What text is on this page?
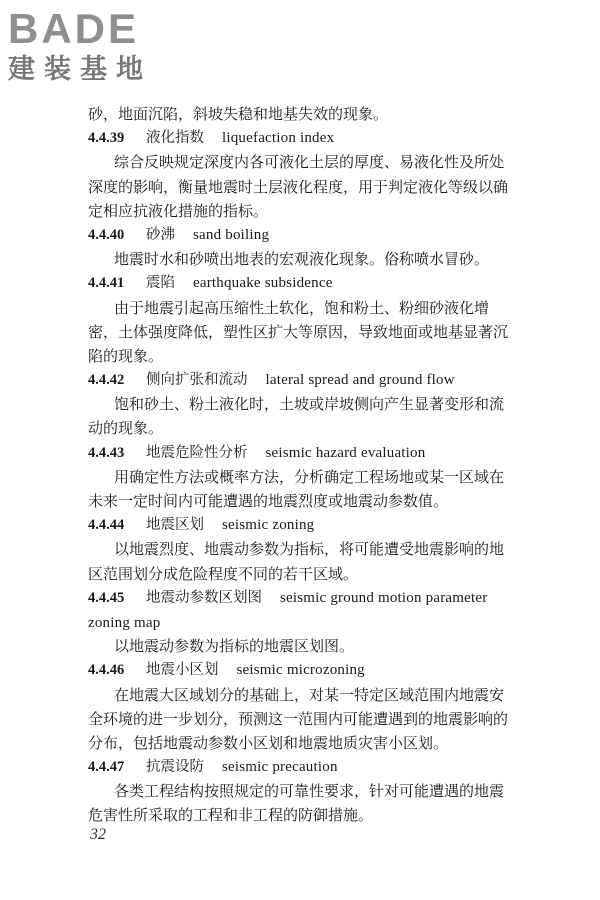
BADE
建装基地
砂，地面沉陷，斜坡失稳和地基失效的现象。
4.4.39 液化指数 liquefaction index
综合反映规定深度内各可液化土层的厚度、易液化性及所处
深度的影响，衡量地震时土层液化程度，用于判定液化等级以确
定相应抗液化措施的指标。
4.4.40 砂沸 sand boiling
地震时水和砂喷出地表的宏观液化现象。俗称喷水冒砂。
4.4.41 震陷 earthquake subsidence
由于地震引起高压缩性土软化，饱和粉土、粉细砂液化增
密，土体强度降低，塑性区扩大等原因，导致地面或地基显著沉
陷的现象。
4.4.42 侧向扩张和流动 lateral spread and ground flow
饱和砂土、粉土液化时，土坡或岸坡侧向产生显著变形和流
动的现象。
4.4.43 地震危险性分析 seismic hazard evaluation
用确定性方法或概率方法，分析确定工程场地或某一区域在
未来一定时间内可能遭遇的地震烈度或地震动参数值。
4.4.44 地震区划 seismic zoning
以地震烈度、地震动参数为指标，将可能遭受地震影响的地
区范围划分成危险程度不同的若干区域。
4.4.45 地震动参数区划图 seismic ground motion parameter
zoning map
以地震动参数为指标的地震区划图。
4.4.46 地震小区划 seismic microzoning
在地震大区域划分的基础上，对某一特定区域范围内地震安
全环境的进一步划分，预测这一范围内可能遭遇到的地震影响的
分布，包括地震动参数小区划和地震地质灾害小区划。
4.4.47 抗震设防 seismic precaution
各类工程结构按照规定的可靠性要求，针对可能遭遇的地震
危害性所采取的工程和非工程的防御措施。
32
